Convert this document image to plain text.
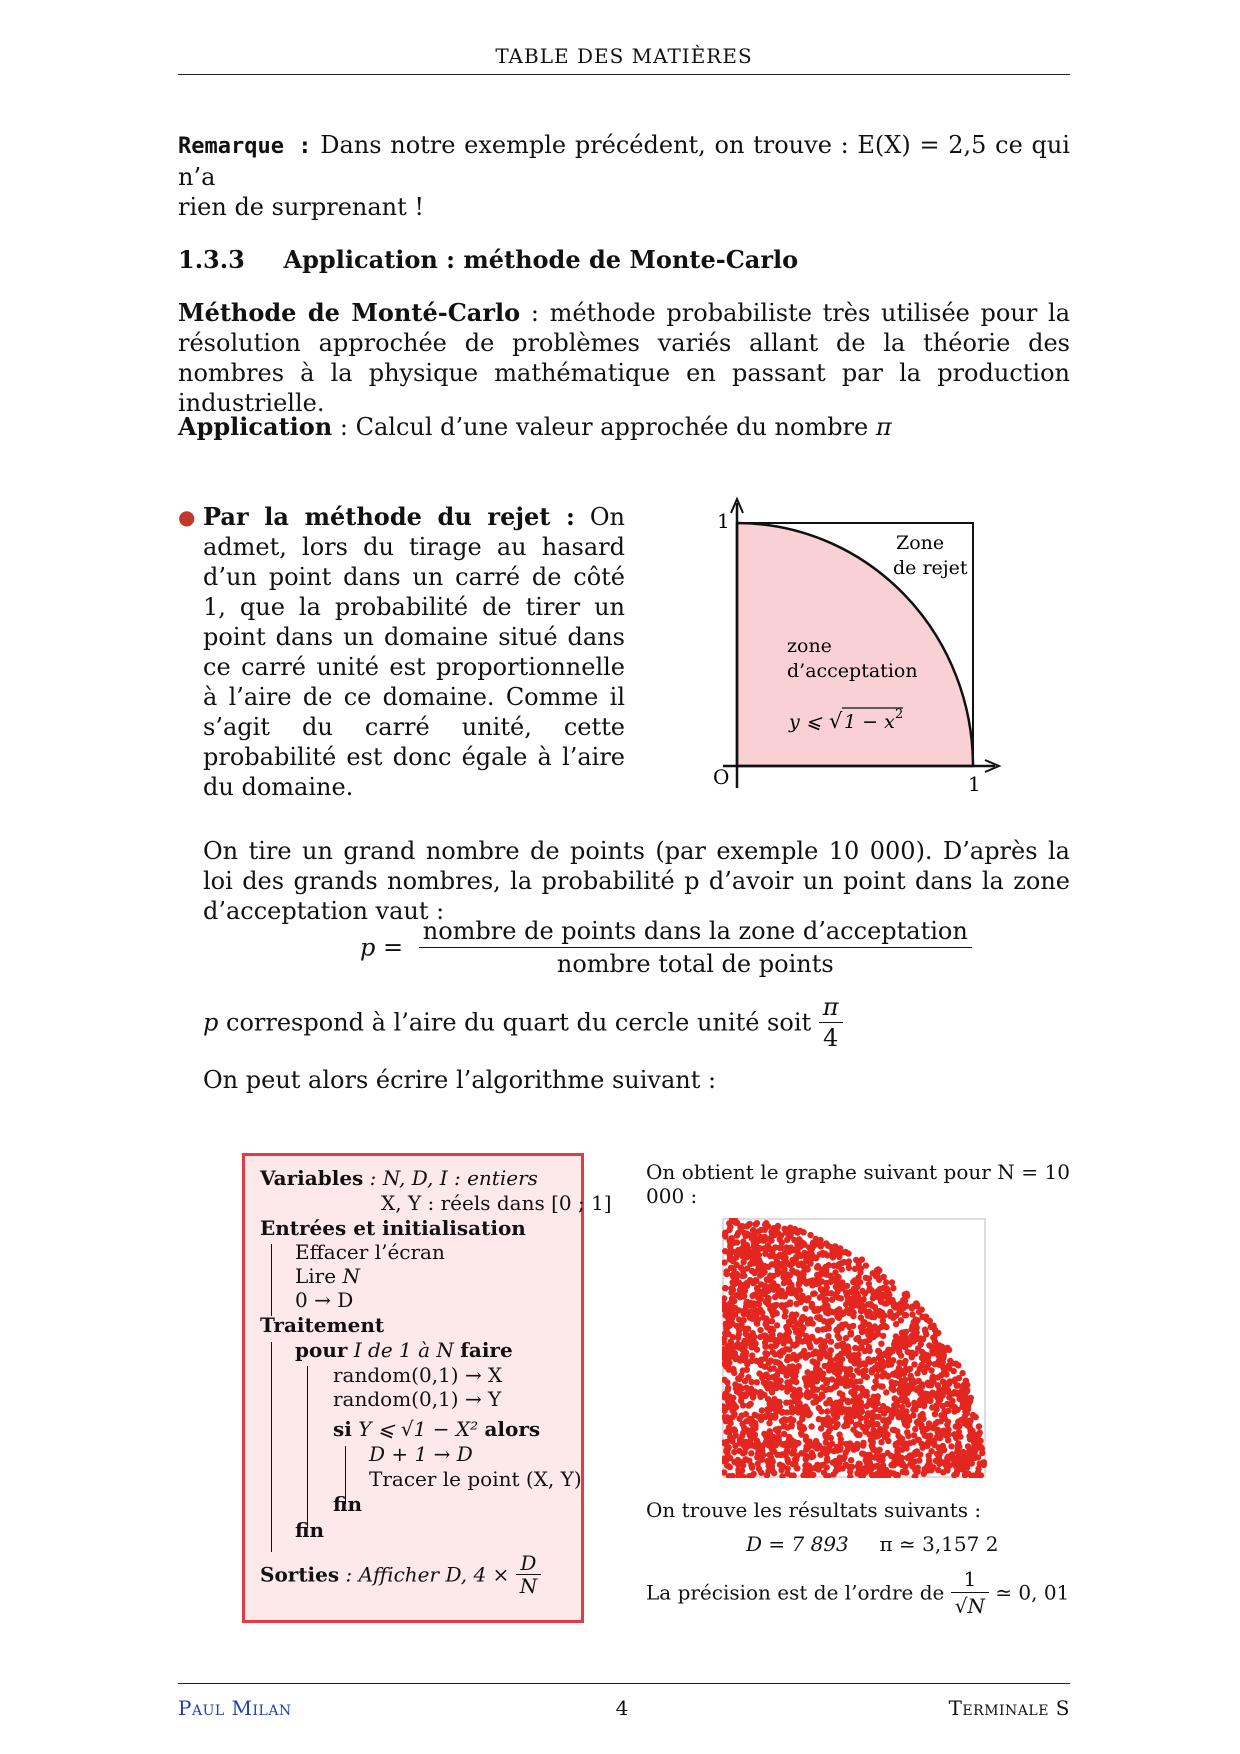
TABLE DES MATIÈRES
Remarque : Dans notre exemple précédent, on trouve : E(X) = 2,5 ce qui n’a
rien de surprenant !
1.3.3 Application : méthode de Monte-Carlo
Méthode de Monté-Carlo : méthode probabiliste très utilisée pour la résolution approchée de problèmes variés allant de la théorie des nombres à la physique mathématique en passant par la production industrielle.
Application : Calcul d’une valeur approchée du nombre π
● Par la méthode du rejet : On admet, lors du tirage au hasard d’un point dans un carré de côté 1, que la probabilité de tirer un point dans un domaine situé dans ce carré unité est proportionnelle à l’aire de ce domaine. Comme il s’agit du carré unité, cette probabilité est donc égale à l’aire du domaine.
1
1
O
Zone
de rejet
zone
d’acceptation
y ⩽ √ 1 − x 2
On tire un grand nombre de points (par exemple 10 000). D’après la loi des grands nombres, la probabilité p d’avoir un point dans la zone d’acceptation vaut :
$p = \frac{\text{nombre de points dans la zone d’acceptation}}{\text{nombre total de points}}$
p correspond à l’aire du quart du cercle unité soit $\frac{\pi}{4}$
On peut alors écrire l’algorithme suivant :
Variables : N, D, I : entiers
X, Y : réels dans [0 ; 1]
Entrées et initialisation
Effacer l’écran
Lire N
0 → D
Traitement
pour I de 1 à N faire
random(0,1) → X
random(0,1) → Y
si Y ⩽ √1 − X² alors
D + 1 → D
Tracer le point (X, Y)
fin
fin
Sorties : Afficher D, $4 \times \frac{D}{N}$
On obtient le graphe suivant pour N = 10 000 :
On trouve les résultats suivants :
D = 7 893 π ≃ 3,157 2
La précision est de l’ordre de $\frac{1}{√N}$ ≃ 0, 01
Paul Milan	4	Terminale S
